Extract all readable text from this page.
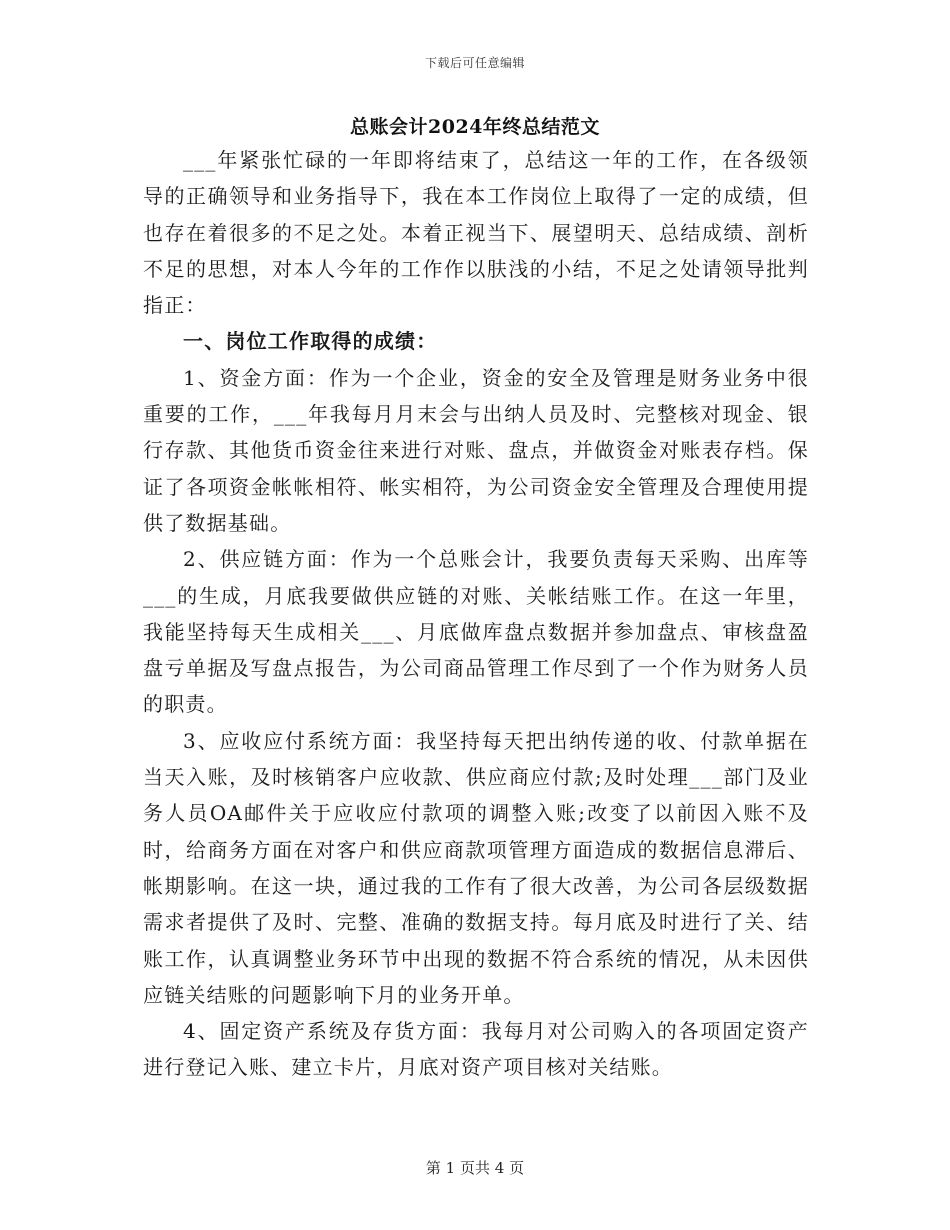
下载后可任意编辑
总账会计2024年终总结范文

___年紧张忙碌的一年即将结束了，总结这一年的工作，在各级领导的正确领导和业务指导下，我在本工作岗位上取得了一定的成绩，但也存在着很多的不足之处。本着正视当下、展望明天、总结成绩、剖析不足的思想，对本人今年的工作作以肤浅的小结，不足之处请领导批判指正：

一、岗位工作取得的成绩：

1、资金方面：作为一个企业，资金的安全及管理是财务业务中很重要的工作，___年我每月月末会与出纳人员及时、完整核对现金、银行存款、其他货币资金往来进行对账、盘点，并做资金对账表存档。保证了各项资金帐帐相符、帐实相符，为公司资金安全管理及合理使用提供了数据基础。

2、供应链方面：作为一个总账会计，我要负责每天采购、出库等___的生成，月底我要做供应链的对账、关帐结账工作。在这一年里，我能坚持每天生成相关___、月底做库盘点数据并参加盘点、审核盘盈盘亏单据及写盘点报告，为公司商品管理工作尽到了一个作为财务人员的职责。

3、应收应付系统方面：我坚持每天把出纳传递的收、付款单据在当天入账，及时核销客户应收款、供应商应付款;及时处理___部门及业务人员OA邮件关于应收应付款项的调整入账;改变了以前因入账不及时，给商务方面在对客户和供应商款项管理方面造成的数据信息滞后、帐期影响。在这一块，通过我的工作有了很大改善，为公司各层级数据需求者提供了及时、完整、准确的数据支持。每月底及时进行了关、结账工作，认真调整业务环节中出现的数据不符合系统的情况，从未因供应链关结账的问题影响下月的业务开单。

4、固定资产系统及存货方面：我每月对公司购入的各项固定资产进行登记入账、建立卡片，月底对资产项目核对关结账。

第 1 页共 4 页
